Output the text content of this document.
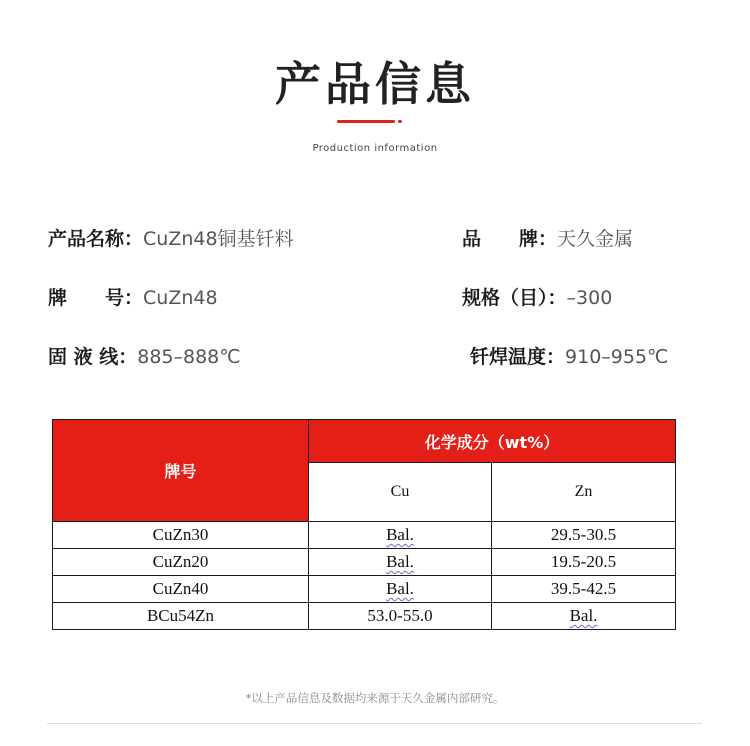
产品信息
Production information
产品名称：CuZn48铜基钎料	品　　牌：天久金属
牌　　号：CuZn48	规格（目）：–300
固 液 线：885–888℃	钎焊温度：910–955℃
牌号	化学成分（wt%）	
	Cu	Zn
CuZn30	Bal.	29.5-30.5
CuZn20	Bal.	19.5-20.5
CuZn40	Bal.	39.5-42.5
BCu54Zn	53.0-55.0	Bal.
*以上产品信息及数据均来源于天久金属内部研究。
